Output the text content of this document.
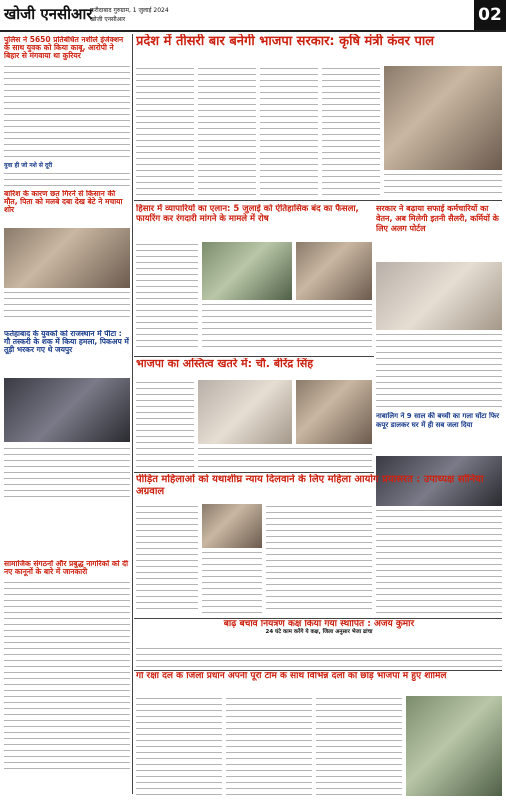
खोजी एनसीआर
फरीदाबाद गुरुग्राम, 1 जुलाई 2024
खोजी एनसीआर	02
पुलिस ने 5650 प्रतिबंधित नशीले इंजेक्शन के साथ युवक को किया काबू, आरोपी ने बिहार से मंगवाया था कुरियर
युवा ही जो नशे से दूरी
प्रदेश में तीसरी बार बनेगी भाजपा सरकार: कृषि मंत्री कंवर पाल
बारिश के कारण छत गिरने से किसान की मौत, पिता को मलबे दबा देख बेटे ने मचाया शोर
फतेहाबाद के युवकों को राजस्थान में पीटा : गौ तस्करी के शक में किया हमला, पिकअप में तूड़ी भरकर गए थे जयपुर
सामाजिक संगठनों और प्रबुद्ध नागरिकों को दी नए कानूनों के बारे में जानकारी
हिसार में व्यापारियों का एलान: 5 जुलाई को ऐतिहासिक बंद का फैसला, फायरिंग कर रंगदारी मांगने के मामले में रोष
सरकार ने बढ़ाया सफाई कर्मचारियों का वेतन, अब मिलेगी इतनी सैलरी, कर्मियों के लिए अलग पोर्टल
भाजपा का अस्तित्व खतरे में: चौ. बीरेंद्र सिंह
नाबालिग ने 9 साल की बच्ची का गला घोंटा फिर कपूर डालकर घर में ही सब जला दिया
पीड़ित महिलाओं को यथाशीघ्र न्याय दिलवाने के लिए महिला आयोग प्रयासरत : उपाध्यक्ष सोनिया अग्रवाल
बाढ़ बचाव नियंत्रण कक्ष किया गया स्थापित : अजय कुमार
24 घंटे काम करेंगे ये कक्ष, जिला अनुसार भेजा ढांचा
गौ रक्षा दल के जिला प्रधान अपनी पूरी टीम के साथ विभिन्न दलों को छोड़ भाजपा में हुए शामिल
